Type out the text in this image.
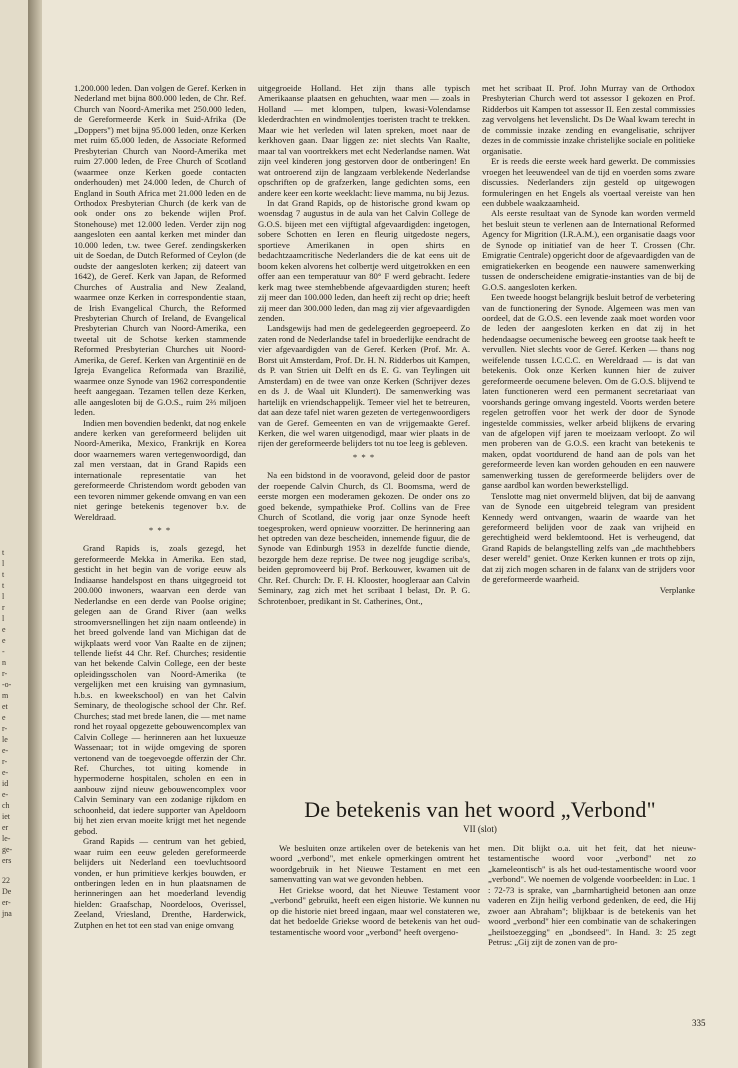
t
l
t
t
l
r
l
e
e
-
n
r-
-o-
m
et
e
r-
le
e-
r-
e-
id
e-
ch
iet
er
le-
ge-
ers
22
De
er-
jna

1.200.000 leden. Dan volgen de Geref. Kerken in Nederland met bijna 800.000 leden, de Chr. Ref. Church van Noord-Amerika met 250.000 leden, de Gereformeerde Kerk in Suid-Afrika (De „Doppers") met bijna 95.000 leden, onze Kerken met ruim 65.000 leden, de Associate Reformed Presbyterian Church van Noord-Amerika met ruim 27.000 leden, de Free Church of Scotland (waarmee onze Kerken goede contacten onderhouden) met 24.000 leden, de Church of England in South Africa met 21.000 leden en de Orthodox Presbyterian Church (de kerk van de ook onder ons zo bekende wijlen Prof. Stonehouse) met 12.000 leden. Verder zijn nog aangesloten een aantal kerken met minder dan 10.000 leden, t.w. twee Geref. zendingskerken uit de Soedan, de Dutch Reformed of Ceylon (de oudste der aangesloten kerken; zij dateert van 1642), de Geref. Kerk van Japan, de Reformed Churches of Australia and New Zealand, waarmee onze Kerken in correspondentie staan, de Irish Evangelical Church, the Reformed Presbyterian Church of Ireland, de Evangelical Presbyterian Church van Noord-Amerika, een tweetal uit de Schotse kerken stammende Reformed Presbyterian Churches uit Noord-Amerika, de Geref. Kerken van Argentinië en de Igreja Evangelica Reformada van Brazilië, waarmee onze Synode van 1962 correspondentie heeft aangegaan. Tezamen tellen deze Kerken, alle aangesloten bij de G.O.S., ruim 2⅔ miljoen leden.

Indien men bovendien bedenkt, dat nog enkele andere kerken van gereformeerd belijden uit Noord-Amerika, Mexico, Frankrijk en Korea door waarnemers waren vertegenwoordigd, dan zal men verstaan, dat in Grand Rapids een internationale representatie van het gereformeerde Christendom wordt geboden van een tevoren nimmer gekende omvang en van een niet geringe betekenis tegenover b.v. de Wereldraad.

* * *

Grand Rapids is, zoals gezegd, het gereformeerde Mekka in Amerika. Een stad, gesticht in het begin van de vorige eeuw als Indiaanse handelspost en thans uitgegroeid tot 200.000 inwoners, waarvan een derde van Nederlandse en een derde van Poolse origine; gelegen aan de Grand River (aan welks stroomversnellingen het zijn naam ontleende) in het breed golvende land van Michigan dat de wijkplaats werd voor Van Raalte en de zijnen; tellende liefst 44 Chr. Ref. Churches; residentie van het bekende Calvin College, een der beste opleidingsscholen van Noord-Amerika (te vergelijken met een kruising van gymnasium, h.b.s. en kweekschool) en van het Calvin Seminary, de theologische school der Chr. Ref. Churches; stad met brede lanen, die — met name rond het royaal opgezette gebouwencomplex van Calvin College — herinneren aan het luxueuze Wassenaar; tot in wijde omgeving de sporen vertonend van de toegevoegde offerzin der Chr. Ref. Churches, tot uiting komende in hypermoderne hospitalen, scholen en een in aanbouw zijnd nieuw gebouwencomplex voor Calvin Seminary van een zodanige rijkdom en schoonheid, dat iedere supporter van Apeldoorn bij het zien ervan moeite krijgt met het negende gebod.

Grand Rapids — centrum van het gebied, waar ruim een eeuw geleden gereformeerde belijders uit Nederland een toevluchtsoord vonden, er hun primitieve kerkjes bouwden, er ontberingen leden en in hun plaatsnamen de herinneringen aan het moederland levendig hielden: Graafschap, Noordeloos, Overissel, Zeeland, Vriesland, Drenthe, Harderwick, Zutphen en het tot een stad van enige omvang

uitgegroeide Holland. Het zijn thans alle typisch Amerikaanse plaatsen en gehuchten, waar men — zoals in Holland — met klompen, tulpen, kwasi-Volendamse klederdrachten en windmolentjes toeristen tracht te trekken. Maar wie het verleden wil laten spreken, moet naar de kerkhoven gaan. Daar liggen ze: niet slechts Van Raalte, maar tal van voortrekkers met echt Nederlandse namen. Wat zijn veel kinderen jong gestorven door de ontberingen! En wat ontroerend zijn de langzaam verblekende Nederlandse opschriften op de grafzerken, lange gedichten soms, een andere keer een korte weeklacht: lieve mamma, nu bij Jezus.

In dat Grand Rapids, op de historische grond kwam op woensdag 7 augustus in de aula van het Calvin College de G.O.S. bijeen met een vijftigtal afgevaardigden: ingetogen, sobere Schotten en Ieren en fleurig uitgedoste negers, sportieve Amerikanen in open shirts en bedachtzaamcritische Nederlanders die de kat eens uit de boom keken alvorens het colbertje werd uitgetrokken en een offer aan een temperatuur van 80° F werd gebracht. Iedere kerk mag twee stemhebbende afgevaardigden sturen; heeft zij meer dan 100.000 leden, dan heeft zij recht op drie; heeft zij meer dan 300.000 leden, dan mag zij vier afgevaardigden zenden.

Landsgewijs had men de gedelegeerden gegroepeerd. Zo zaten rond de Nederlandse tafel in broederlijke eendracht de vier afgevaardigden van de Geref. Kerken (Prof. Mr. A. Borst uit Amsterdam, Prof. Dr. H. N. Ridderbos uit Kampen, ds P. van Strien uit Delft en ds E. G. van Teylingen uit Amsterdam) en de twee van onze Kerken (Schrijver dezes en ds J. de Waal uit Klundert). De samenwerking was hartelijk en vriendschappelijk. Temeer viel het te betreuren, dat aan deze tafel niet waren gezeten de vertegenwoordigers van de Geref. Gemeenten en van de vrijgemaakte Geref. Kerken, die wel waren uitgenodigd, maar wier plaats in de rijen der gereformeerde belijders tot nu toe leeg is gebleven.

* * *

Na een bidstond in de vooravond, geleid door de pastor der roepende Calvin Church, ds Cl. Boomsma, werd de eerste morgen een moderamen gekozen. De onder ons zo goed bekende, sympathieke Prof. Collins van de Free Church of Scotland, die vorig jaar onze Synode heeft toegesproken, werd opnieuw voorzitter. De herinnering aan het optreden van deze bescheiden, innemende figuur, die de Synode van Edinburgh 1953 in dezelfde functie diende, bezorgde hem deze reprise. De twee nog jeugdige scriba's, beiden gepromoveerd bij Prof. Berkouwer, kwamen uit de Chr. Ref. Church: Dr. F. H. Klooster, hoogleraar aan Calvin Seminary, zag zich met het scribaat I belast, Dr. P. G. Schrotenboer, predikant in St. Catherines, Ont.,

met het scribaat II. Prof. John Murray van de Orthodox Presbyterian Church werd tot assessor I gekozen en Prof. Ridderbos uit Kampen tot assessor II. Een zestal commissies zag vervolgens het levenslicht. Ds De Waal kwam terecht in de commissie inzake zending en evangelisatie, schrijver dezes in de commissie inzake christelijke sociale en politieke organisatie.

Er is reeds die eerste week hard gewerkt. De commissies vroegen het leeuwendeel van de tijd en voerden soms zware discussies. Nederlanders zijn gesteld op uitgewogen formuleringen en het Engels als voertaal vereiste van hen een dubbele waakzaamheid.

Als eerste resultaat van de Synode kan worden vermeld het besluit steun te verlenen aan de International Reformed Agency for Migrition (I.R.A.M.), een organisatie daags voor de Synode op initiatief van de heer T. Crossen (Chr. Emigratie Centrale) opgericht door de afgevaardigden van de emigratiekerken en beogende een nauwere samenwerking tussen de onderscheidene emigratie-instanties van de bij de G.O.S. aangesloten kerken.

Een tweede hoogst belangrijk besluit betrof de verbetering van de functionering der Synode. Algemeen was men van oordeel, dat de G.O.S. een levende zaak moet worden voor de leden der aangesloten kerken en dat zij in het hedendaagse oecumenische beweeg een grootse taak heeft te vervullen. Niet slechts voor de Geref. Kerken — thans nog weifelende tussen I.C.C.C. en Wereldraad — is dat van betekenis. Ook onze Kerken kunnen hier de zuiver gereformeerde oecumene beleven. Om de G.O.S. blijvend te laten functioneren werd een permanent secretariaat van voorshands geringe omvang ingesteld. Voorts werden betere regelen getroffen voor het werk der door de Synode ingestelde commissies, welker arbeid blijkens de ervaring van de afgelopen vijf jaren te moeizaam verloopt. Zo wil men proberen van de G.O.S. een kracht van betekenis te maken, opdat voortdurend de hand aan de pols van het gereformeerde leven kan worden gehouden en een nauwere samenwerking tussen de gereformeerde belijders over de ganse aardbol kan worden bewerkstelligd.

Tenslotte mag niet onvermeld blijven, dat bij de aanvang van de Synode een uitgebreid telegram van president Kennedy werd ontvangen, waarin de waarde van het gereformeerd belijden voor de zaak van vrijheid en gerechtigheid werd beklemtoond. Het is verheugend, dat Grand Rapids de belangstelling zelfs van „de machthebbers deser wereld" geniet. Onze Kerken kunnen er trots op zijn, dat zij zich mogen scharen in de falanx van de strijders voor de gereformeerde waarheid.

Verplanke

De betekenis van het woord „Verbond"
VII (slot)

We besluiten onze artikelen over de betekenis van het woord „verbond", met enkele opmerkingen omtrent het woordgebruik in het Nieuwe Testament en met een samenvatting van wat we gevonden hebben.

Het Griekse woord, dat het Nieuwe Testament voor „verbond" gebruikt, heeft een eigen historie. We kunnen nu op die historie niet breed ingaan, maar wel constateren we, dat het bedoelde Griekse woord de betekenis van het oud-testamentische woord voor „verbond" heeft overgeno-

men. Dit blijkt o.a. uit het feit, dat het nieuw-testamentische woord voor „verbond" net zo „kameleontisch" is als het oud-testamentische woord voor „verbond". We noemen de volgende voorbeelden: in Luc. 1 : 72-73 is sprake, van „barmhartigheid betonen aan onze vaderen en Zijn heilig verbond gedenken, de eed, die Hij zwoer aan Abraham"; blijkbaar is de betekenis van het woord „verbond" hier een combinatie van de schakeringen „heilstoezegging" en „bondseed". In Hand. 3: 25 zegt Petrus: „Gij zijt de zonen van de pro-

335
